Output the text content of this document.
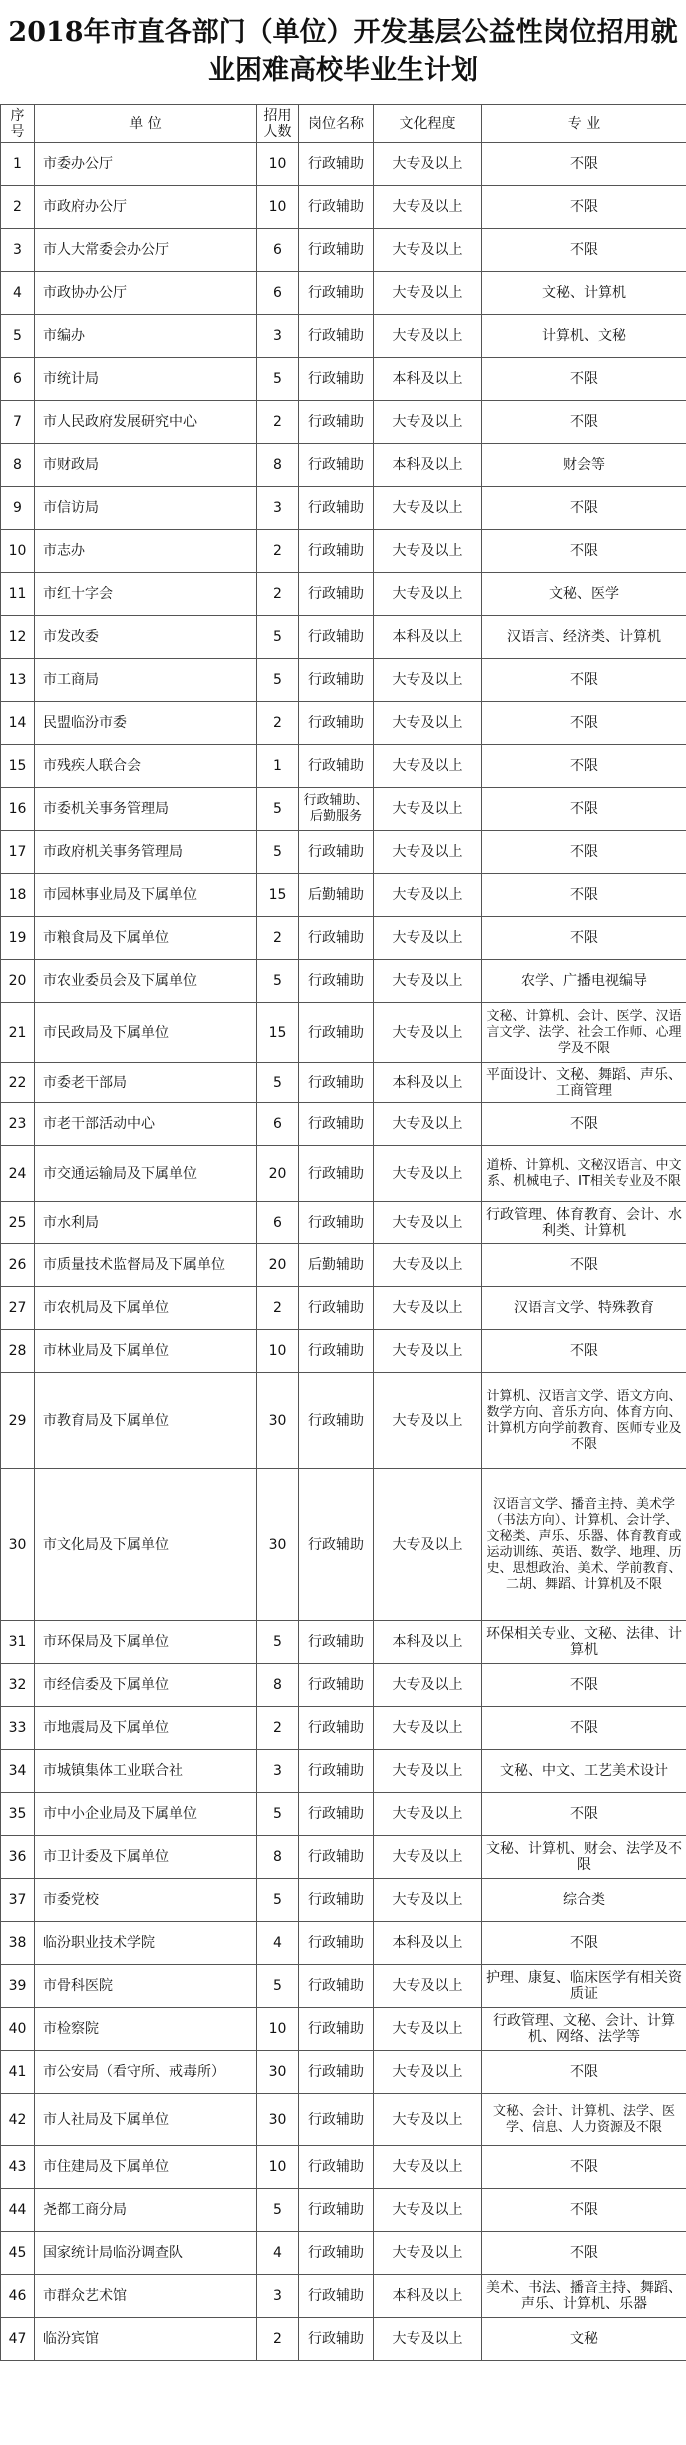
2018年市直各部门（单位）开发基层公益性岗位招用就业困难高校毕业生计划
序号	单 位	招用人数	岗位名称	文化程度	专 业
1	市委办公厅	10	行政辅助	大专及以上	不限
2	市政府办公厅	10	行政辅助	大专及以上	不限
3	市人大常委会办公厅	6	行政辅助	大专及以上	不限
4	市政协办公厅	6	行政辅助	大专及以上	文秘、计算机
5	市编办	3	行政辅助	大专及以上	计算机、文秘
6	市统计局	5	行政辅助	本科及以上	不限
7	市人民政府发展研究中心	2	行政辅助	大专及以上	不限
8	市财政局	8	行政辅助	本科及以上	财会等
9	市信访局	3	行政辅助	大专及以上	不限
10	市志办	2	行政辅助	大专及以上	不限
11	市红十字会	2	行政辅助	大专及以上	文秘、医学
12	市发改委	5	行政辅助	本科及以上	汉语言、经济类、计算机
13	市工商局	5	行政辅助	大专及以上	不限
14	民盟临汾市委	2	行政辅助	大专及以上	不限
15	市残疾人联合会	1	行政辅助	大专及以上	不限
16	市委机关事务管理局	5	行政辅助、后勤服务	大专及以上	不限
17	市政府机关事务管理局	5	行政辅助	大专及以上	不限
18	市园林事业局及下属单位	15	后勤辅助	大专及以上	不限
19	市粮食局及下属单位	2	行政辅助	大专及以上	不限
20	市农业委员会及下属单位	5	行政辅助	大专及以上	农学、广播电视编导
21	市民政局及下属单位	15	行政辅助	大专及以上	文秘、计算机、会计、医学、汉语言文学、法学、社会工作师、心理学及不限
22	市委老干部局	5	行政辅助	本科及以上	平面设计、文秘、舞蹈、声乐、工商管理
23	市老干部活动中心	6	行政辅助	大专及以上	不限
24	市交通运输局及下属单位	20	行政辅助	大专及以上	道桥、计算机、文秘汉语言、中文系、机械电子、IT相关专业及不限
25	市水利局	6	行政辅助	大专及以上	行政管理、体育教育、会计、水利类、计算机
26	市质量技术监督局及下属单位	20	后勤辅助	大专及以上	不限
27	市农机局及下属单位	2	行政辅助	大专及以上	汉语言文学、特殊教育
28	市林业局及下属单位	10	行政辅助	大专及以上	不限
29	市教育局及下属单位	30	行政辅助	大专及以上	计算机、汉语言文学、语文方向、数学方向、音乐方向、体育方向、计算机方向学前教育、医师专业及不限
30	市文化局及下属单位	30	行政辅助	大专及以上	汉语言文学、播音主持、美术学（书法方向）、计算机、会计学、文秘类、声乐、乐器、体育教育或运动训练、英语、数学、地理、历史、思想政治、美术、学前教育、二胡、舞蹈、计算机及不限
31	市环保局及下属单位	5	行政辅助	本科及以上	环保相关专业、文秘、法律、计算机
32	市经信委及下属单位	8	行政辅助	大专及以上	不限
33	市地震局及下属单位	2	行政辅助	大专及以上	不限
34	市城镇集体工业联合社	3	行政辅助	大专及以上	文秘、中文、工艺美术设计
35	市中小企业局及下属单位	5	行政辅助	大专及以上	不限
36	市卫计委及下属单位	8	行政辅助	大专及以上	文秘、计算机、财会、法学及不限
37	市委党校	5	行政辅助	大专及以上	综合类
38	临汾职业技术学院	4	行政辅助	本科及以上	不限
39	市骨科医院	5	行政辅助	大专及以上	护理、康复、临床医学有相关资质证
40	市检察院	10	行政辅助	大专及以上	行政管理、文秘、会计、计算机、网络、法学等
41	市公安局（看守所、戒毒所）	30	行政辅助	大专及以上	不限
42	市人社局及下属单位	30	行政辅助	大专及以上	文秘、会计、计算机、法学、医学、信息、人力资源及不限
43	市住建局及下属单位	10	行政辅助	大专及以上	不限
44	尧都工商分局	5	行政辅助	大专及以上	不限
45	国家统计局临汾调查队	4	行政辅助	大专及以上	不限
46	市群众艺术馆	3	行政辅助	本科及以上	美术、书法、播音主持、舞蹈、声乐、计算机、乐器
47	临汾宾馆	2	行政辅助	大专及以上	文秘
